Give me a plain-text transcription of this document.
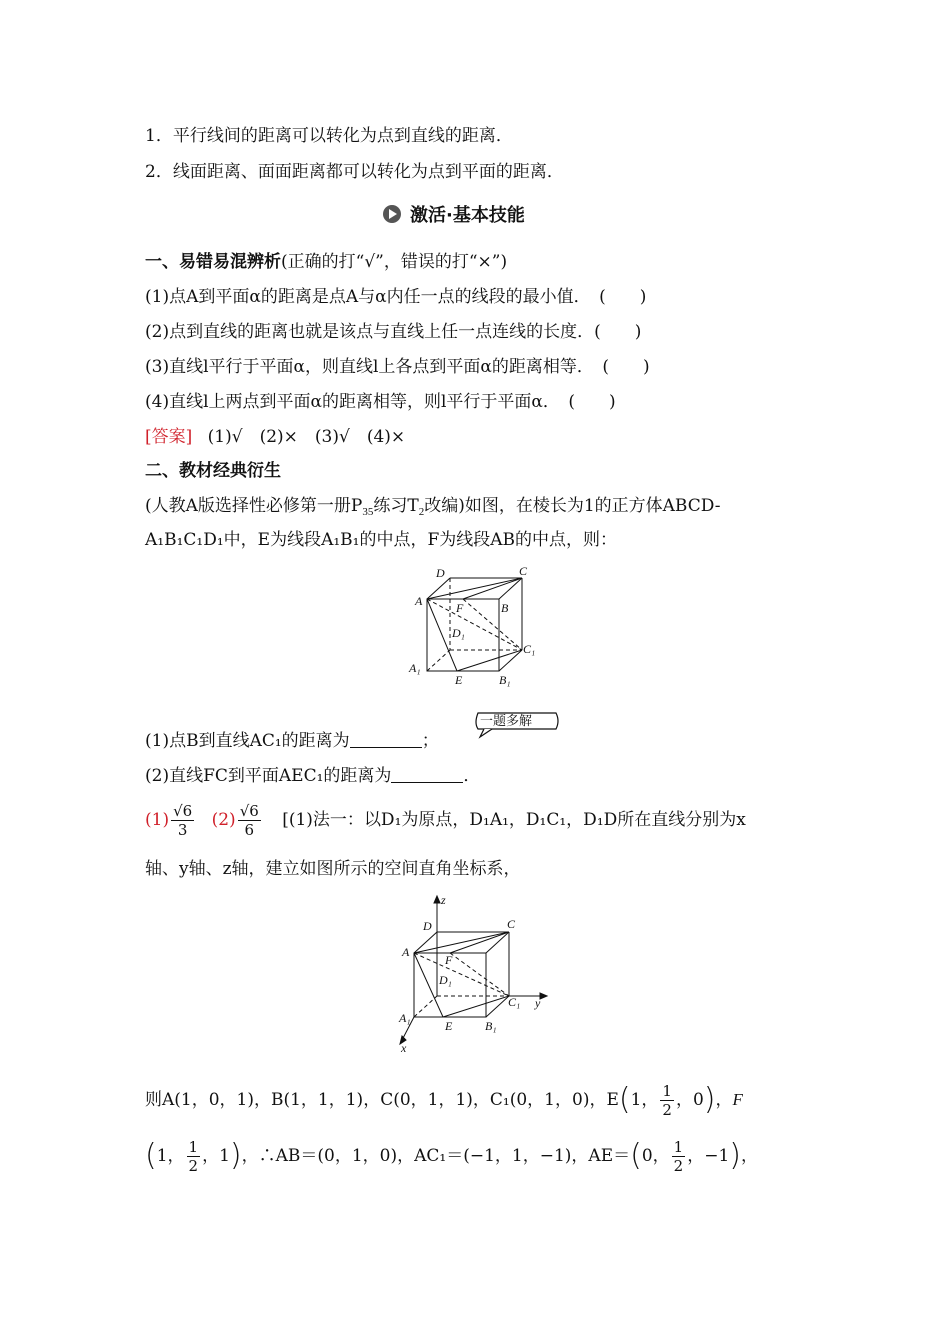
1．平行线间的距离可以转化为点到直线的距离．
2．线面距离、面面距离都可以转化为点到平面的距离．
激活·基本技能
一、易错易混辨析(正确的打“√”，错误的打“×”)
(1)点A到平面α的距离是点A与α内任一点的线段的最小值．　(　　)
(2)点到直线的距离也就是该点与直线上任一点连线的长度．(　　)
(3)直线l平行于平面α，则直线l上各点到平面α的距离相等．　(　　)
(4)直线l上两点到平面α的距离相等，则l平行于平面α．　(　　)
[答案] (1)√　(2)×　(3)√　(4)×
二、教材经典衍生
(人教A版选择性必修第一册$P_{35}$练习$T_2$改编)如图，在棱长为1的正方体ABCD-
A₁B₁C₁D₁中，E为线段A₁B₁的中点，F为线段AB的中点，则：
D	C
A	F	B
D₁
C₁
A₁
E	B₁
一题多解
(1)点B到直线AC₁的距离为	；
(2)直线FC到平面AEC₁的距离为	．
$(1) \frac{√6}{3} (2) \frac{√6}{6} [(1)$法一：以D₁为原点，D₁A₁，D₁C₁，D₁D所在直线分别为x
轴、y轴、z轴，建立如图所示的空间直角坐标系，
z
D	C
A
F
D₁
C₁ y
A₁
E	B₁
x
则A(1，0，1)，B(1，1，1)，C(0，1，1)，C₁(0，1，0)，E(1， $\frac{1}{2}$ ，0)，F
(1， $\frac{1}{2}$ ，1)，∴AB＝(0，1，0)，AC₁＝(−1，1，−1)，AE＝(0， $\frac{1}{2}$ ，−1)，
